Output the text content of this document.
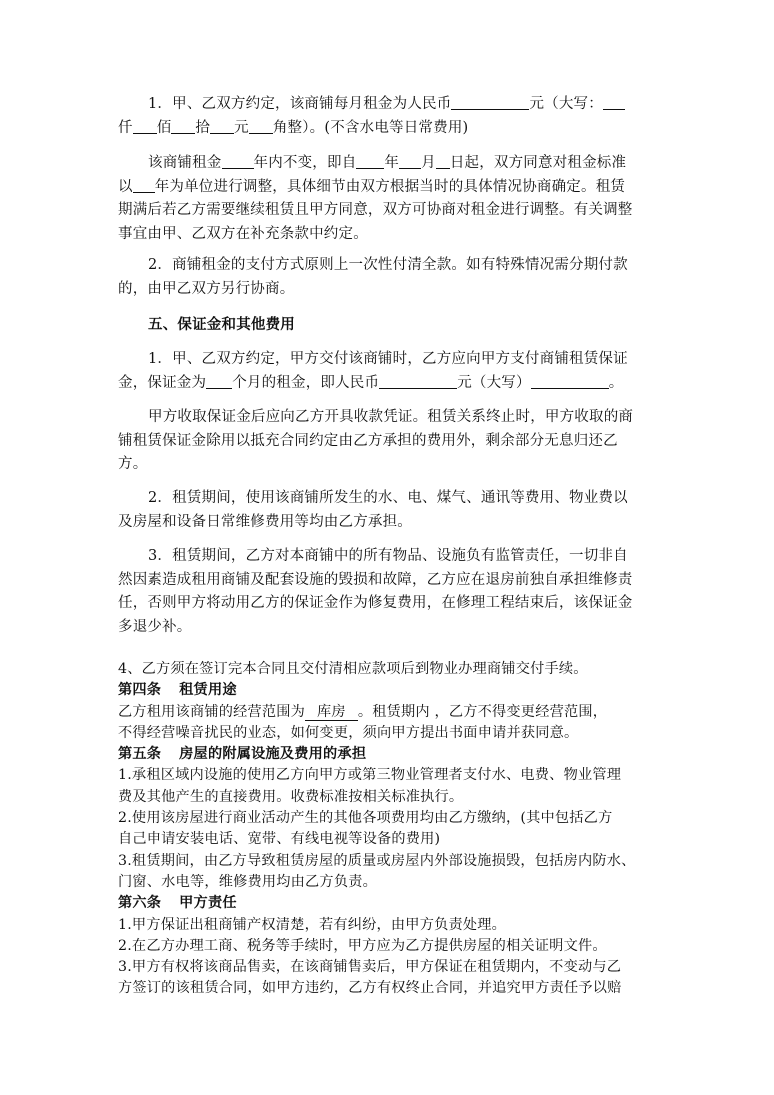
1．甲、乙双方约定，该商铺每月租金为人民币	元（大写：
仟 佰 拾 元 角整）。(不含水电等日常费用)
该商铺租金 年内不变，即自 年 月 日起，双方同意对租金标准
以 年为单位进行调整，具体细节由双方根据当时的具体情况协商确定。租赁
期满后若乙方需要继续租赁且甲方同意，双方可协商对租金进行调整。有关调整
事宜由甲、乙双方在补充条款中约定。
2．商铺租金的支付方式原则上一次性付清全款。如有特殊情况需分期付款
的，由甲乙双方另行协商。
五、保证金和其他费用
1．甲、乙双方约定，甲方交付该商铺时，乙方应向甲方支付商铺租赁保证
金，保证金为 个月的租金，即人民币	元（大写）	。
甲方收取保证金后应向乙方开具收款凭证。租赁关系终止时，甲方收取的商
铺租赁保证金除用以抵充合同约定由乙方承担的费用外，剩余部分无息归还乙
方。
2．租赁期间，使用该商铺所发生的水、电、煤气、通讯等费用、物业费以
及房屋和设备日常维修费用等均由乙方承担。
3．租赁期间，乙方对本商铺中的所有物品、设施负有监管责任，一切非自
然因素造成租用商铺及配套设施的毁损和故障，乙方应在退房前独自承担维修责
任，否则甲方将动用乙方的保证金作为修复费用，在修理工程结束后，该保证金
多退少补。
4、乙方须在签订完本合同且交付清相应款项后到物业办理商铺交付手续。
第四条 租赁用途
乙方租用该商铺的经营范围为 库房 。租赁期内 ，乙方不得变更经营范围，
不得经营噪音扰民的业态，如何变更，须向甲方提出书面申请并获同意。
第五条 房屋的附属设施及费用的承担
1.承租区域内设施的使用乙方向甲方或第三物业管理者支付水、电费、物业管理
费及其他产生的直接费用。收费标准按相关标准执行。
2.使用该房屋进行商业活动产生的其他各项费用均由乙方缴纳，(其中包括乙方
自己申请安装电话、宽带、有线电视等设备的费用)
3.租赁期间，由乙方导致租赁房屋的质量或房屋内外部设施损毁，包括房内防水、
门窗、水电等，维修费用均由乙方负责。
第六条 甲方责任
1.甲方保证出租商铺产权清楚，若有纠纷，由甲方负责处理。
2.在乙方办理工商、税务等手续时，甲方应为乙方提供房屋的相关证明文件。
3.甲方有权将该商品售卖，在该商铺售卖后，甲方保证在租赁期内，不变动与乙
方签订的该租赁合同，如甲方违约，乙方有权终止合同，并追究甲方责任予以赔
